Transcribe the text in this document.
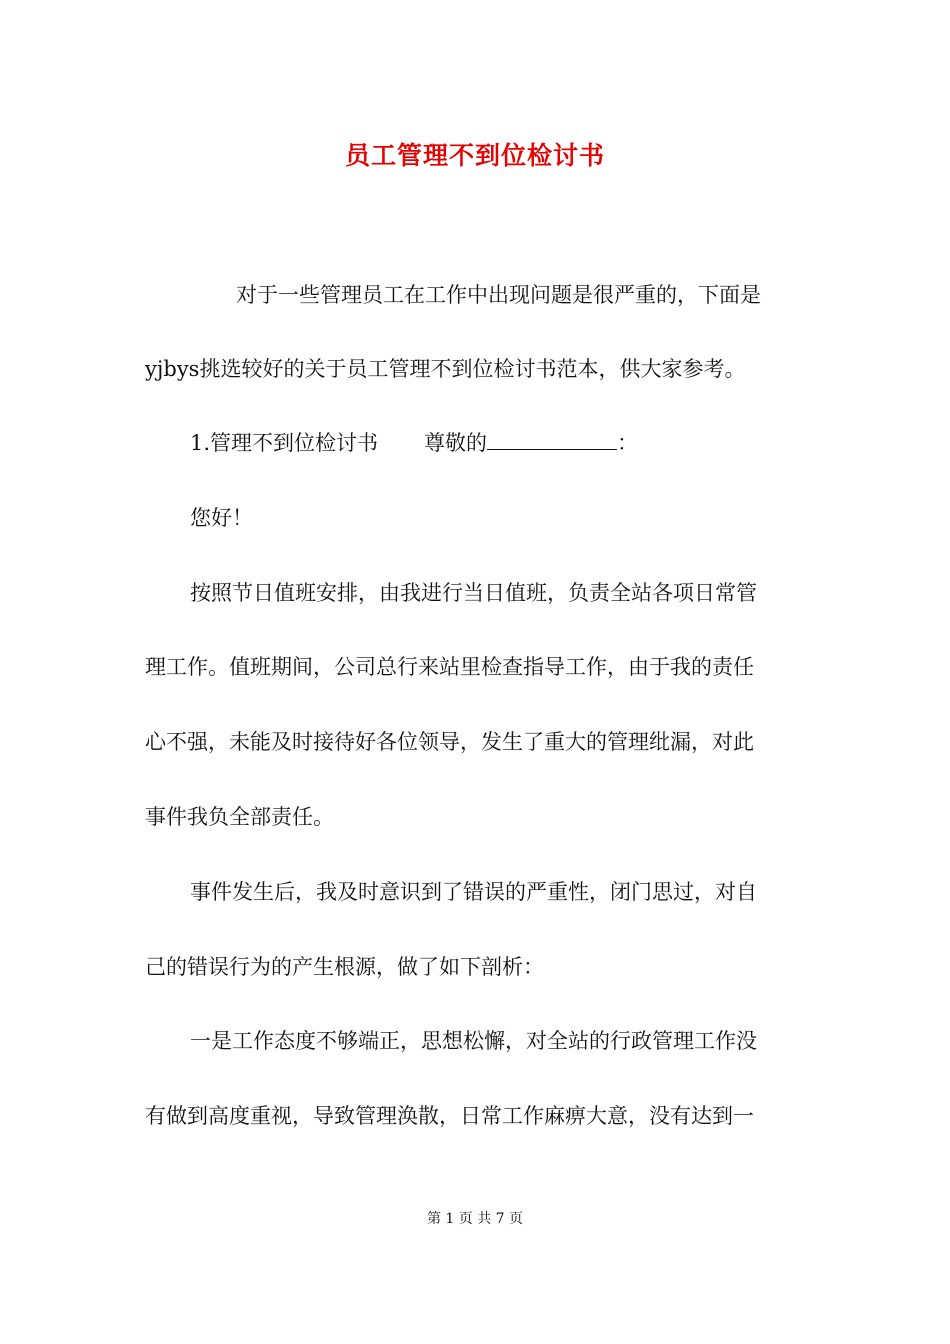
员工管理不到位检讨书
对于一些管理员工在工作中出现问题是很严重的，下面是
yjbys挑选较好的关于员工管理不到位检讨书范本，供大家参考。
1.管理不到位检讨书 尊敬的	：
您好！
按照节日值班安排，由我进行当日值班，负责全站各项日常管
理工作。值班期间，公司总行来站里检查指导工作，由于我的责任
心不强，未能及时接待好各位领导，发生了重大的管理纰漏，对此
事件我负全部责任。
事件发生后，我及时意识到了错误的严重性，闭门思过，对自
己的错误行为的产生根源，做了如下剖析：
一是工作态度不够端正，思想松懈，对全站的行政管理工作没
有做到高度重视，导致管理涣散，日常工作麻痹大意，没有达到一
第 1 页 共 7 页
